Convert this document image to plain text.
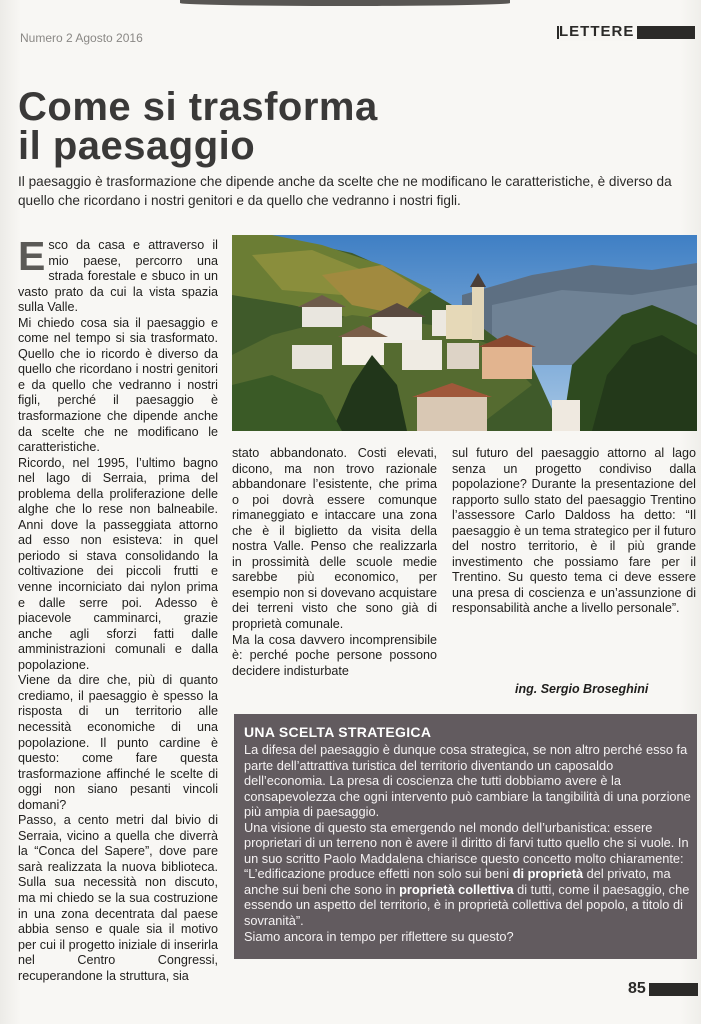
Numero 2 Agosto 2016	LETTERE
Come si trasforma
il paesaggio

Il paesaggio è trasformazione che dipende anche da scelte che ne modificano le caratteristiche, è diverso da quello che ricordano i nostri genitori e da quello che vedranno i nostri figli.

Esco da casa e attraverso il mio paese, percorro una strada forestale e sbuco in un vasto prato da cui la vista spazia sulla Valle.

Mi chiedo cosa sia il paesaggio e come nel tempo si sia trasformato. Quello che io ricordo è diverso da quello che ricordano i nostri genitori e da quello che vedranno i nostri figli, perché il paesaggio è trasformazione che dipende anche da scelte che ne modificano le caratteristiche.

Ricordo, nel 1995, l’ultimo bagno nel lago di Serraia, prima del problema della proliferazione delle alghe che lo rese non balneabile. Anni dove la passeggiata attorno ad esso non esisteva: in quel periodo si stava consolidando la coltivazione dei piccoli frutti e venne incorniciato dai nylon prima e dalle serre poi. Adesso è piacevole camminarci, grazie anche agli sforzi fatti dalle amministrazioni comunali e dalla popolazione.

Viene da dire che, più di quanto crediamo, il paesaggio è spesso la risposta di un territorio alle necessità economiche di una popolazione. Il punto cardine è questo: come fare questa trasformazione affinché le scelte di oggi non siano pesanti vincoli domani?

Passo, a cento metri dal bivio di Serraia, vicino a quella che diverrà la “Conca del Sapere”, dove pare sarà realizzata la nuova biblioteca. Sulla sua necessità non discuto, ma mi chiedo se la sua costruzione in una zona decentrata dal paese abbia senso e quale sia il motivo per cui il progetto iniziale di inserirla nel Centro Congressi, recuperandone la struttura, sia

stato abbandonato. Costi elevati, dicono, ma non trovo razionale abbandonare l’esistente, che prima o poi dovrà essere comunque rimaneggiato e intaccare una zona che è il biglietto da visita della nostra Valle. Penso che realizzarla in prossimità delle scuole medie sarebbe più economico, per esempio non si dovevano acquistare dei terreni visto che sono già di proprietà comunale.

Ma la cosa davvero incomprensibile è: perché poche persone possono decidere indisturbate

sul futuro del paesaggio attorno al lago senza un progetto condiviso dalla popolazione? Durante la presentazione del rapporto sullo stato del paesaggio Trentino l’assessore Carlo Daldoss ha detto: “Il paesaggio è un tema strategico per il futuro del nostro territorio, è il più grande investimento che possiamo fare per il Trentino. Su questo tema ci deve essere una presa di coscienza e un’assunzione di responsabilità anche a livello personale”.

ing. Sergio Broseghini
UNA SCELTA STRATEGICA
La difesa del paesaggio è dunque cosa strategica, se non altro perché esso fa parte dell’attrattiva turistica del territorio diventando un caposaldo dell’economia. La presa di coscienza che tutti dobbiamo avere è la consapevolezza che ogni intervento può cambiare la tangibilità di una porzione più ampia di paesaggio.
Una visione di questo sta emergendo nel mondo dell’urbanistica: essere proprietari di un terreno non è avere il diritto di farvi tutto quello che si vuole. In un suo scritto Paolo Maddalena chiarisce questo concetto molto chiaramente: “L’edificazione produce effetti non solo sui beni di proprietà del privato, ma anche sui beni che sono in proprietà collettiva di tutti, come il paesaggio, che essendo un aspetto del territorio, è in proprietà collettiva del popolo, a titolo di sovranità”.
Siamo ancora in tempo per riflettere su questo?
85
